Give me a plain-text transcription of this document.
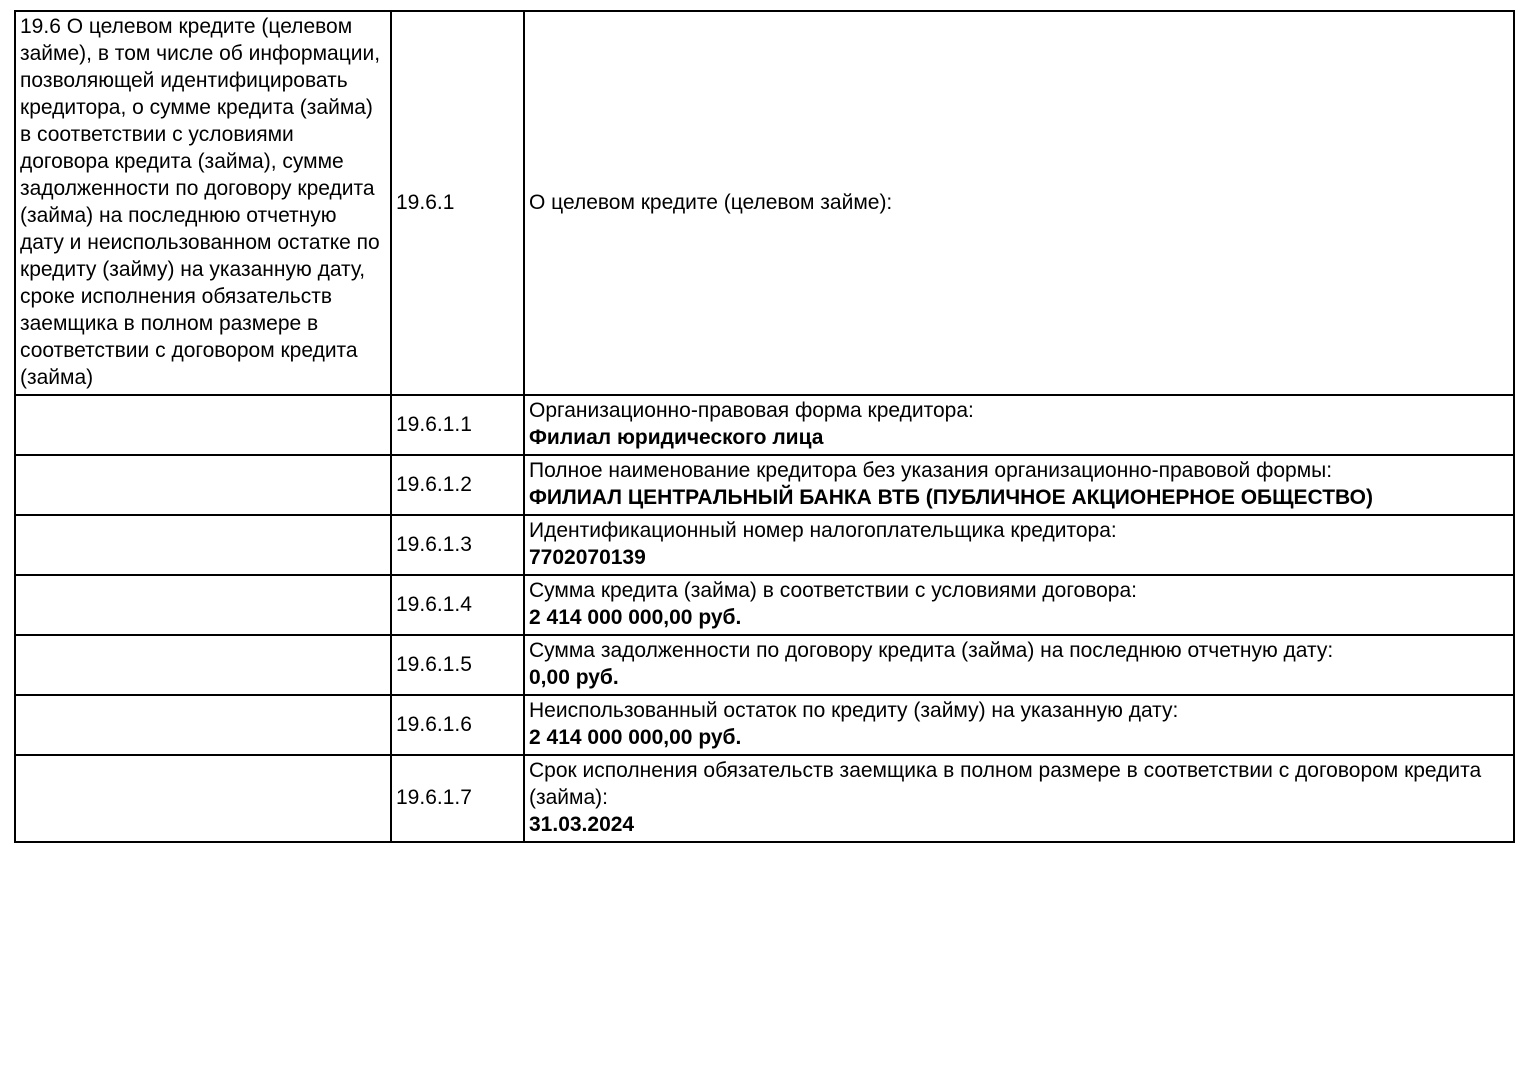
19.6 О целевом кредите (целевом займе), в том числе об информации, позволяющей идентифицировать кредитора, о сумме кредита (займа) в соответствии с условиями договора кредита (займа), сумме задолженности по договору кредита (займа) на последнюю отчетную дату и неиспользованном остатке по кредиту (займу) на указанную дату, сроке исполнения обязательств заемщика в полном размере в соответствии с договором кредита (займа)	19.6.1	О целевом кредите (целевом займе):

	19.6.1.1	Организационно-правовая форма кредитора:
Филиал юридического лица

	19.6.1.2	Полное наименование кредитора без указания организационно-правовой формы:
ФИЛИАЛ ЦЕНТРАЛЬНЫЙ БАНКА ВТБ (ПУБЛИЧНОЕ АКЦИОНЕРНОЕ ОБЩЕСТВО)

	19.6.1.3	Идентификационный номер налогоплательщика кредитора:
7702070139

	19.6.1.4	Сумма кредита (займа) в соответствии с условиями договора:
2 414 000 000,00 руб.

	19.6.1.5	Сумма задолженности по договору кредита (займа) на последнюю отчетную дату:
0,00 руб.

	19.6.1.6	Неиспользованный остаток по кредиту (займу) на указанную дату:
2 414 000 000,00 руб.

	19.6.1.7	Срок исполнения обязательств заемщика в полном размере в соответствии с договором кредита (займа):
31.03.2024
